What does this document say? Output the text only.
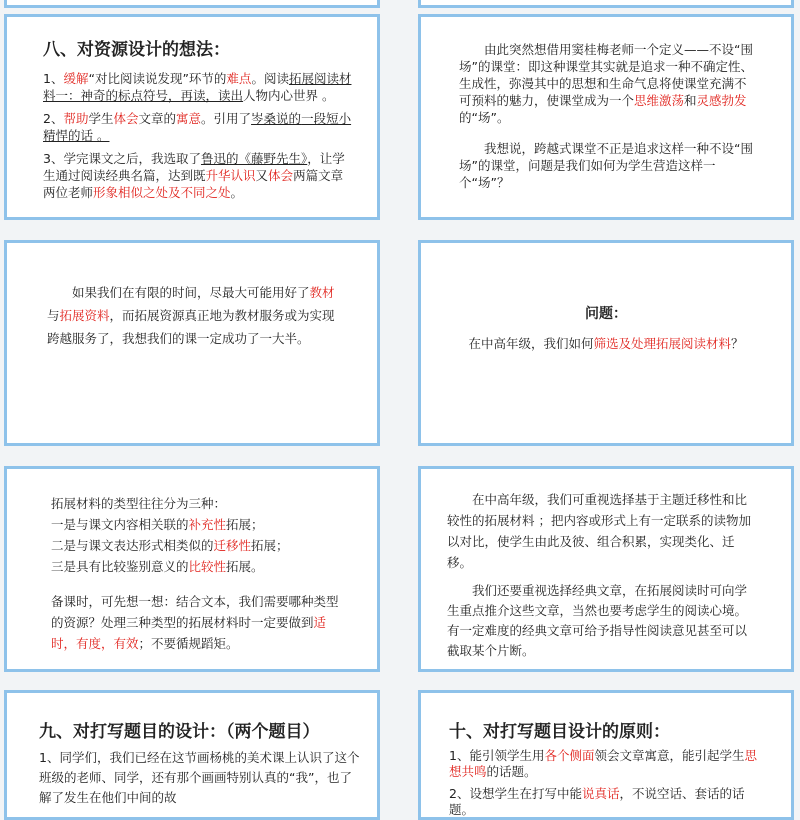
八、对资源设计的想法：

1、缓解“对比阅读说发现”环节的难点。阅读拓展阅读材料一：神奇的标点符号，再读，读出人物内心世界 。

2、帮助学生体会文章的寓意。引用了岑桑说的一段短小精悍的话 。

3、学完课文之后，我选取了鲁迅的《藤野先生》，让学生通过阅读经典名篇，达到既升华认识又体会两篇文章两位老师形象相似之处及不同之处。

由此突然想借用窦桂梅老师一个定义——不设“围场”的课堂：即这种课堂其实就是追求一种不确定性、生成性，弥漫其中的思想和生命气息将使课堂充满不可预料的魅力，使课堂成为一个思维激荡和灵感勃发的“场”。

我想说，跨越式课堂不正是追求这样一种不设“围场”的课堂，问题是我们如何为学生营造这样一个“场”？

如果我们在有限的时间，尽最大可能用好了教材与拓展资料，而拓展资源真正地为教材服务或为实现跨越服务了，我想我们的课一定成功了一大半。

问题：

在中高年级，我们如何筛选及处理拓展阅读材料？

拓展材料的类型往往分为三种：

一是与课文内容相关联的补充性拓展；

二是与课文表达形式相类似的迁移性拓展；

三是具有比较鉴别意义的比较性拓展。

备课时，可先想一想：结合文本，我们需要哪种类型的资源？处理三种类型的拓展材料时一定要做到适时，有度，有效；不要循规蹈矩。

在中高年级，我们可重视选择基于主题迁移性和比较性的拓展材料 ；把内容或形式上有一定联系的读物加以对比，使学生由此及彼、组合积累，实现类化、迁移。

我们还要重视选择经典文章，在拓展阅读时可向学生重点推介这些文章，当然也要考虑学生的阅读心境。有一定难度的经典文章可给予指导性阅读意见甚至可以截取某个片断。

九、对打写题目的设计：（两个题目）

1、同学们，我们已经在这节画杨桃的美术课上认识了这个班级的老师、同学，还有那个画画特别认真的“我”，也了解了发生在他们中间的故

十、对打写题目设计的原则：

1、能引领学生用各个侧面领会文章寓意，能引起学生思想共鸣的话题。

2、设想学生在打写中能说真话，不说空话、套话的话题。
